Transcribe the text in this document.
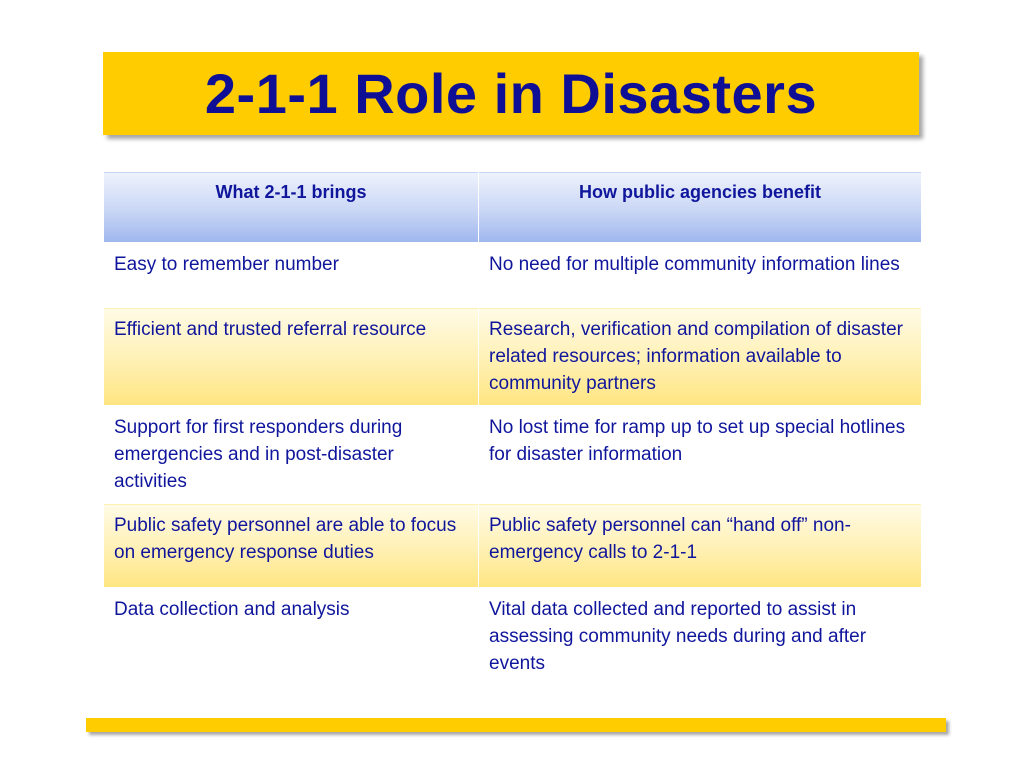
2-1-1 Role in Disasters
What 2-1-1 brings	How public agencies benefit
Easy to remember number	No need for multiple community information lines
Efficient and trusted referral resource	Research, verification and compilation of disaster related resources; information available to community partners
Support for first responders during emergencies and in post-disaster activities	No lost time for ramp up to set up special hotlines for disaster information
Public safety personnel are able to focus on emergency response duties	Public safety personnel can “hand off” non-emergency calls to 2-1-1
Data collection and analysis	Vital data collected and reported to assist in assessing community needs during and after events
